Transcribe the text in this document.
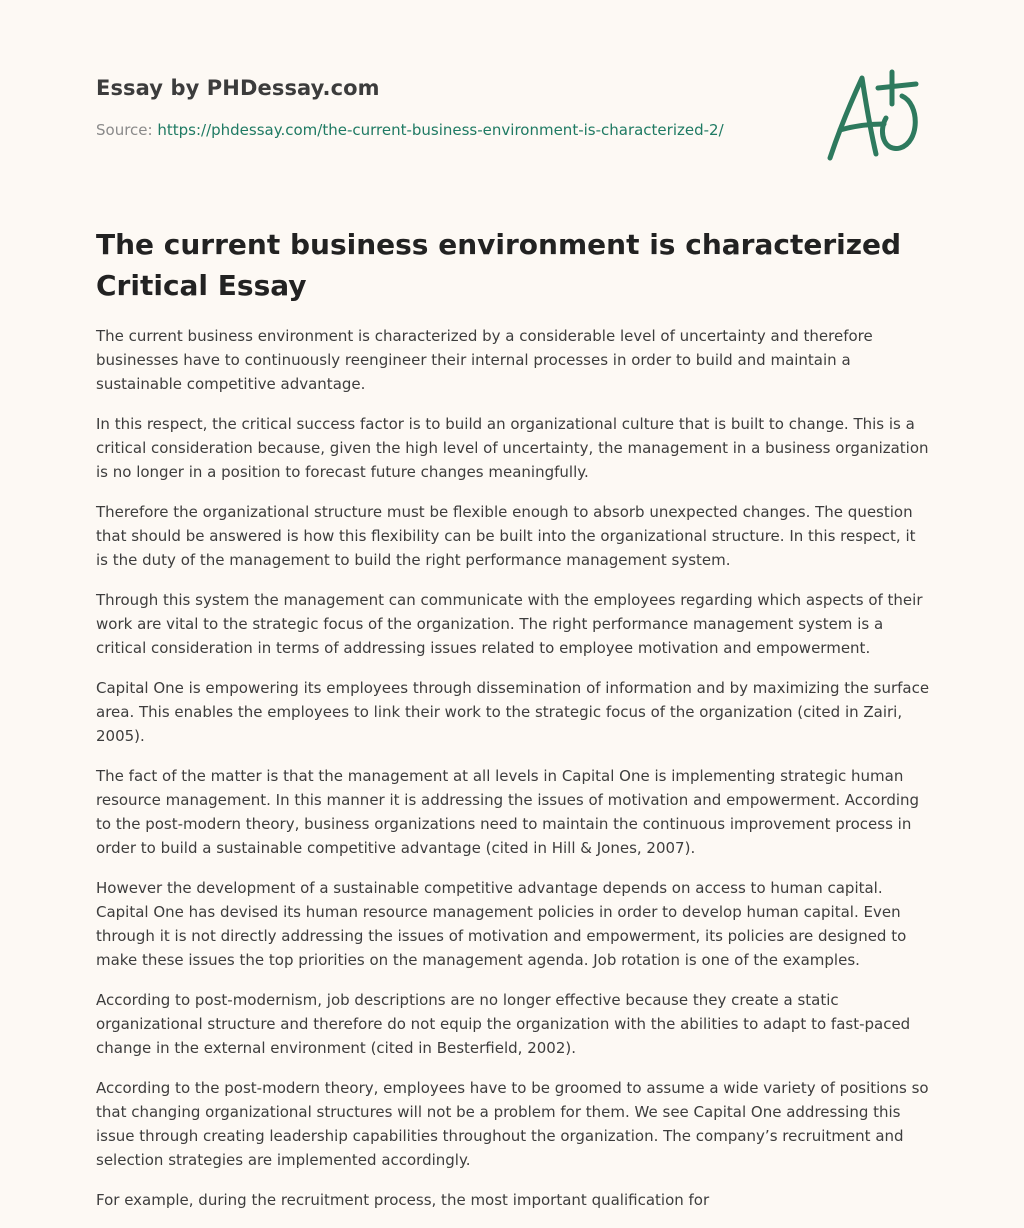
Essay by PHDessay.com
Source: https://phdessay.com/the-current-business-environment-is-characterized-2/
The current business environment is characterized Critical Essay

The current business environment is characterized by a considerable level of uncertainty and therefore businesses have to continuously reengineer their internal processes in order to build and maintain a sustainable competitive advantage.

In this respect, the critical success factor is to build an organizational culture that is built to change. This is a critical consideration because, given the high level of uncertainty, the management in a business organization is no longer in a position to forecast future changes meaningfully.

Therefore the organizational structure must be flexible enough to absorb unexpected changes. The question that should be answered is how this flexibility can be built into the organizational structure. In this respect, it is the duty of the management to build the right performance management system.

Through this system the management can communicate with the employees regarding which aspects of their work are vital to the strategic focus of the organization. The right performance management system is a critical consideration in terms of addressing issues related to employee motivation and empowerment.

Capital One is empowering its employees through dissemination of information and by maximizing the surface area. This enables the employees to link their work to the strategic focus of the organization (cited in Zairi, 2005).

The fact of the matter is that the management at all levels in Capital One is implementing strategic human resource management. In this manner it is addressing the issues of motivation and empowerment. According to the post-modern theory, business organizations need to maintain the continuous improvement process in order to build a sustainable competitive advantage (cited in Hill & Jones, 2007).

However the development of a sustainable competitive advantage depends on access to human capital. Capital One has devised its human resource management policies in order to develop human capital. Even through it is not directly addressing the issues of motivation and empowerment, its policies are designed to make these issues the top priorities on the management agenda. Job rotation is one of the examples.

According to post-modernism, job descriptions are no longer effective because they create a static organizational structure and therefore do not equip the organization with the abilities to adapt to fast-paced change in the external environment (cited in Besterfield, 2002).

According to the post-modern theory, employees have to be groomed to assume a wide variety of positions so that changing organizational structures will not be a problem for them. We see Capital One addressing this issue through creating leadership capabilities throughout the organization. The company’s recruitment and selection strategies are implemented accordingly.

For example, during the recruitment process, the most important qualification for
